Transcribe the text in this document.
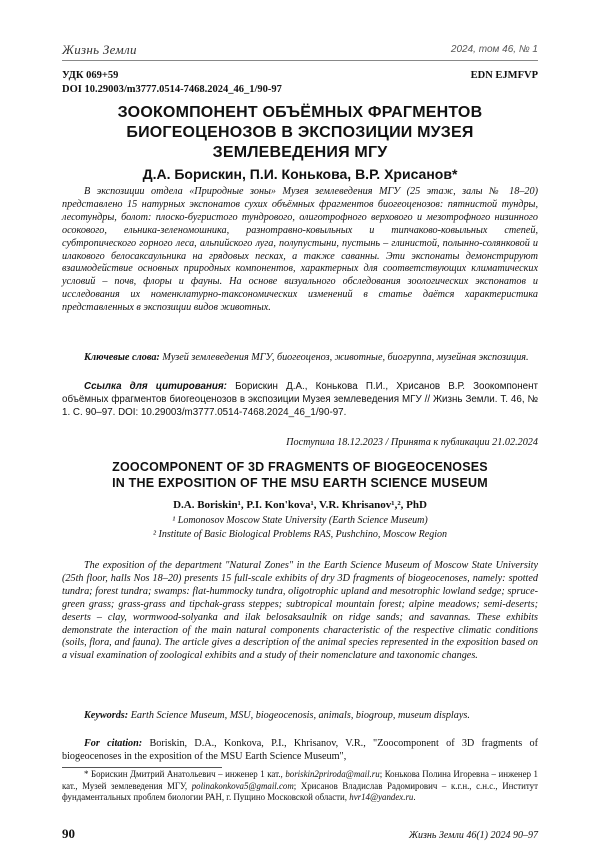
Жизнь Земли	2024, том 46, № 1
УДК 069+59
DOI 10.29003/m3777.0514-7468.2024_46_1/90-97
EDN EJMFVP
ЗООКОМПОНЕНТ ОБЪЁМНЫХ ФРАГМЕНТОВ
БИОГЕОЦЕНОЗОВ В ЭКСПОЗИЦИИ МУЗЕЯ
ЗЕМЛЕВЕДЕНИЯ МГУ
Д.А. Борискин, П.И. Конькова, В.Р. Хрисанов*

В экспозиции отдела «Природные зоны» Музея землеведения МГУ (25 этаж, залы № 18–20) представлено 15 натурных экспонатов сухих объёмных фрагментов биогеоценозов: пятнистой тундры, лесотундры, болот: плоско-бугристого тундрового, олиготрофного верхового и мезотрофного низинного осокового, ельника-зеленомошника, разнотравно-ковыльных и типчаково-ковыльных степей, субтропического горного леса, альпийского луга, полупустыни, пустынь – глинистой, полынно-солянковой и илакового белосаксаульника на грядовых песках, а также саванны. Эти экспонаты демонстрируют взаимодействие основных природных компонентов, характерных для соответствующих климатических условий – почв, флоры и фауны. На основе визуального обследования зоологических экспонатов и исследования их номенклатурно-таксономических изменений в статье даётся характеристика представленных в экспозиции видов животных.

Ключевые слова: Музей землеведения МГУ, биогеоценоз, животные, биогруппа, музейная экспозиция.

Ссылка для цитирования: Борискин Д.А., Конькова П.И., Хрисанов В.Р. Зоокомпонент объёмных фрагментов биогеоценозов в экспозиции Музея землеведения МГУ // Жизнь Земли. Т. 46, № 1. С. 90–97. DOI: 10.29003/m3777.0514-7468.2024_46_1/90-97.

Поступила 18.12.2023 / Принята к публикации 21.02.2024
ZOOCOMPONENT OF 3D FRAGMENTS OF BIOGEOCENOSES
IN THE EXPOSITION OF THE MSU EARTH SCIENCE MUSEUM
D.A. Boriskin¹, P.I. Kon'kova¹, V.R. Khrisanov¹,², PhD
¹ Lomonosov Moscow State University (Earth Science Museum)
² Institute of Basic Biological Problems RAS, Pushchino, Moscow Region

The exposition of the department "Natural Zones" in the Earth Science Museum of Moscow State University (25th floor, halls Nos 18–20) presents 15 full-scale exhibits of dry 3D fragments of biogeocenoses, namely: spotted tundra; forest tundra; swamps: flat-hummocky tundra, oligotrophic upland and mesotrophic lowland sedge; spruce-green grass; grass-grass and tipchak-grass steppes; subtropical mountain forest; alpine meadows; semi-deserts; deserts – clay, wormwood-solyanka and ilak belosaksaulnik on ridge sands; and savannas. These exhibits demonstrate the interaction of the main natural components characteristic of the respective climatic conditions (soils, flora, and fauna). The article gives a description of the animal species represented in the exposition based on a visual examination of zoological exhibits and a study of their nomenclature and taxonomic changes.

Keywords: Earth Science Museum, MSU, biogeocenosis, animals, biogroup, museum displays.

For citation: Boriskin, D.A., Konkova, P.I., Khrisanov, V.R., "Zoocomponent of 3D fragments of biogeocenoses in the exposition of the MSU Earth Science Museum",

* Борискин Дмитрий Анатольевич – инженер 1 кат., boriskin2priroda@mail.ru; Конькова Полина Игоревна – инженер 1 кат., Музей землеведения МГУ, polinakonkova5@gmail.com; Хрисанов Владислав Радомирович – к.г.н., с.н.с., Институт фундаментальных проблем биологии РАН, г. Пущино Московской области, hvr14@yandex.ru.

90	Жизнь Земли 46(1) 2024 90–97
